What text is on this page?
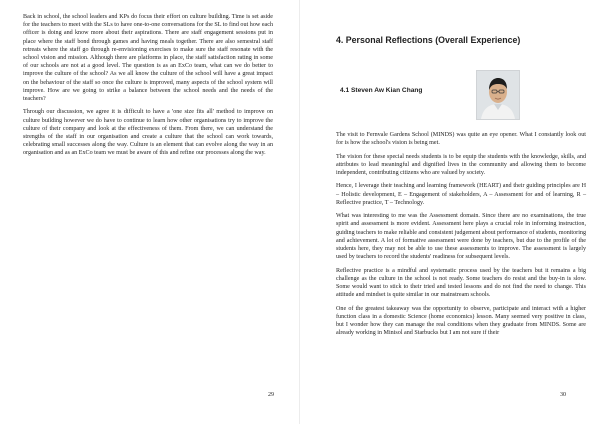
Back in school, the school leaders and KPs do focus their effort on culture building. Time is set aside for the teachers to meet with the SLs to have one-to-one conversations for the SL to find out how each officer is doing and know more about their aspirations. There are staff engagement sessions put in place where the staff bond through games and having meals together. There are also semestral staff retreats where the staff go through re-envisioning exercises to make sure the staff resonate with the school vision and mission. Although there are platforms in place, the staff satisfaction rating in some of our schools are not at a good level. The question is as an ExCo team, what can we do better to improve the culture of the school? As we all know the culture of the school will have a great impact on the behaviour of the staff so once the culture is improved, many aspects of the school system will improve. How are we going to strike a balance between the school needs and the needs of the teachers?

Through our discussion, we agree it is difficult to have a 'one size fits all' method to improve on culture building however we do have to continue to learn how other organisations try to improve the culture of their company and look at the effectiveness of them. From there, we can understand the strengths of the staff in our organisation and create a culture that the school can work towards, celebrating small successes along the way. Culture is an element that can evolve along the way in an organisation and as an ExCo team we must be aware of this and refine our processes along the way.

29
4. Personal Reflections (Overall Experience)
4.1 Steven Aw Kian Chang

The visit to Fernvale Gardens School (MINDS) was quite an eye opener. What I constantly look out for is how the school's vision is being met.

The vision for these special needs students is to be equip the students with the knowledge, skills, and attributes to lead meaningful and dignified lives in the community and allowing them to become independent, contributing citizens who are valued by society.

Hence, I leverage their teaching and learning framework (HEART) and their guiding principles are H – Holistic development, E – Engagement of stakeholders, A – Assessment for and of learning, R – Reflective practice, T – Technology.

What was interesting to me was the Assessment domain. Since there are no examinations, the true spirit and assessment is more evident. Assessment here plays a crucial role in informing instruction, guiding teachers to make reliable and consistent judgement about performance of students, monitoring and achievement. A lot of formative assessment were done by teachers, but due to the profile of the students here, they may not be able to use these assessments to improve. The assessment is largely used by teachers to record the students' readiness for subsequent levels.

Reflective practice is a mindful and systematic process used by the teachers but it remains a big challenge as the culture in the school is not ready. Some teachers do resist and the buy-in is slow. Some would want to stick to their tried and tested lessons and do not find the need to change. This attitude and mindset is quite similar in our mainstream schools.

One of the greatest takeaway was the opportunity to observe, participate and interact with a higher function class in a domestic Science (home economics) lesson. Many seemed very positive in class, but I wonder how they can manage the real conditions when they graduate from MINDS. Some are already working in Minisol and Starbucks but I am not sure if their

30
